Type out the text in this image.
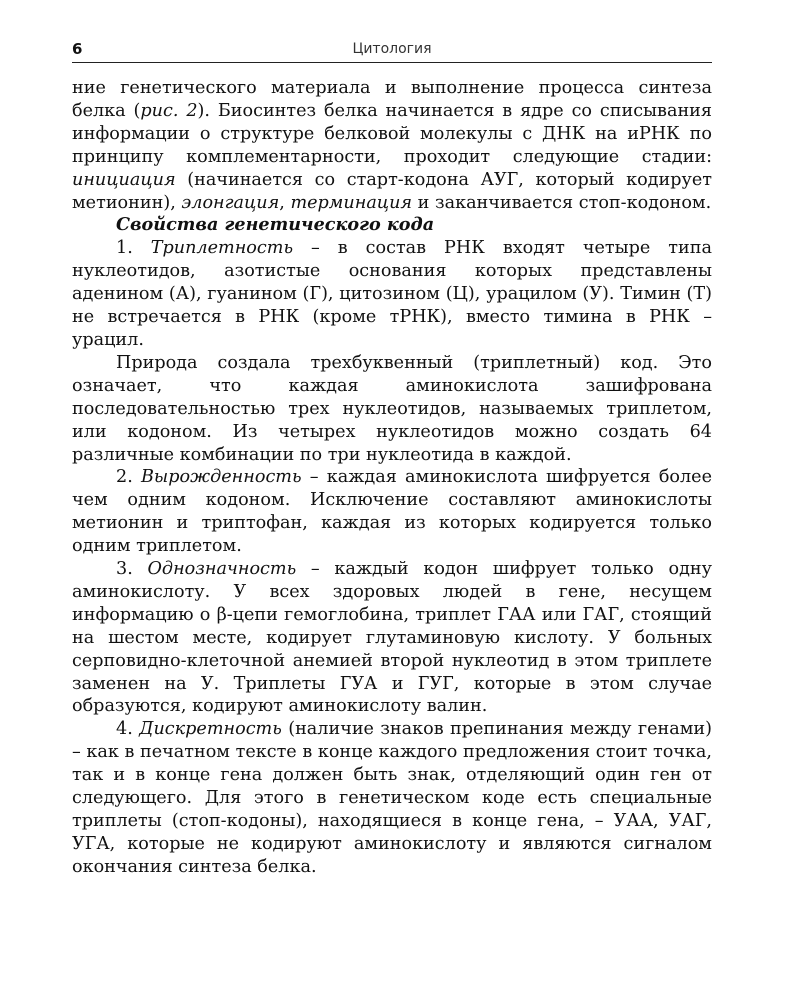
6	Цитология

ние генетического материала и выполнение процесса синтеза белка (рис. 2). Биосинтез белка начинается в ядре со списывания информации о структуре белковой молекулы с ДНК на иРНК по принципу комплементарности, проходит следующие стадии: инициация (начинается со старт-кодона АУГ, который кодирует метионин), элонгация, терминация и заканчивается стоп-кодоном.

Свойства генетического кода

1. Триплетность – в состав РНК входят четыре типа нуклеотидов, азотистые основания которых представлены аденином (А), гуанином (Г), цитозином (Ц), урацилом (У). Тимин (Т) не встречается в РНК (кроме тРНК), вместо тимина в РНК – урацил.

Природа создала трехбуквенный (триплетный) код. Это означает, что каждая аминокислота зашифрована последовательностью трех нуклеотидов, называемых триплетом, или кодоном. Из четырех нуклеотидов можно создать 64 различные комбинации по три нуклеотида в каждой.

2. Вырожденность – каждая аминокислота шифруется более чем одним кодоном. Исключение составляют аминокислоты метионин и триптофан, каждая из которых кодируется только одним триплетом.

3. Однозначность – каждый кодон шифрует только одну аминокислоту. У всех здоровых людей в гене, несущем информацию о β-цепи гемоглобина, триплет ГАА или ГАГ, стоящий на шестом месте, кодирует глутаминовую кислоту. У больных серповидно-клеточной анемией второй нуклеотид в этом триплете заменен на У. Триплеты ГУА и ГУГ, которые в этом случае образуются, кодируют аминокислоту валин.

4. Дискретность (наличие знаков препинания между генами) – как в печатном тексте в конце каждого предложения стоит точка, так и в конце гена должен быть знак, отделяющий один ген от следующего. Для этого в генетическом коде есть специальные триплеты (стоп-кодоны), находящиеся в конце гена, – УАА, УАГ, УГА, которые не кодируют аминокислоту и являются сигналом окончания синтеза белка.
